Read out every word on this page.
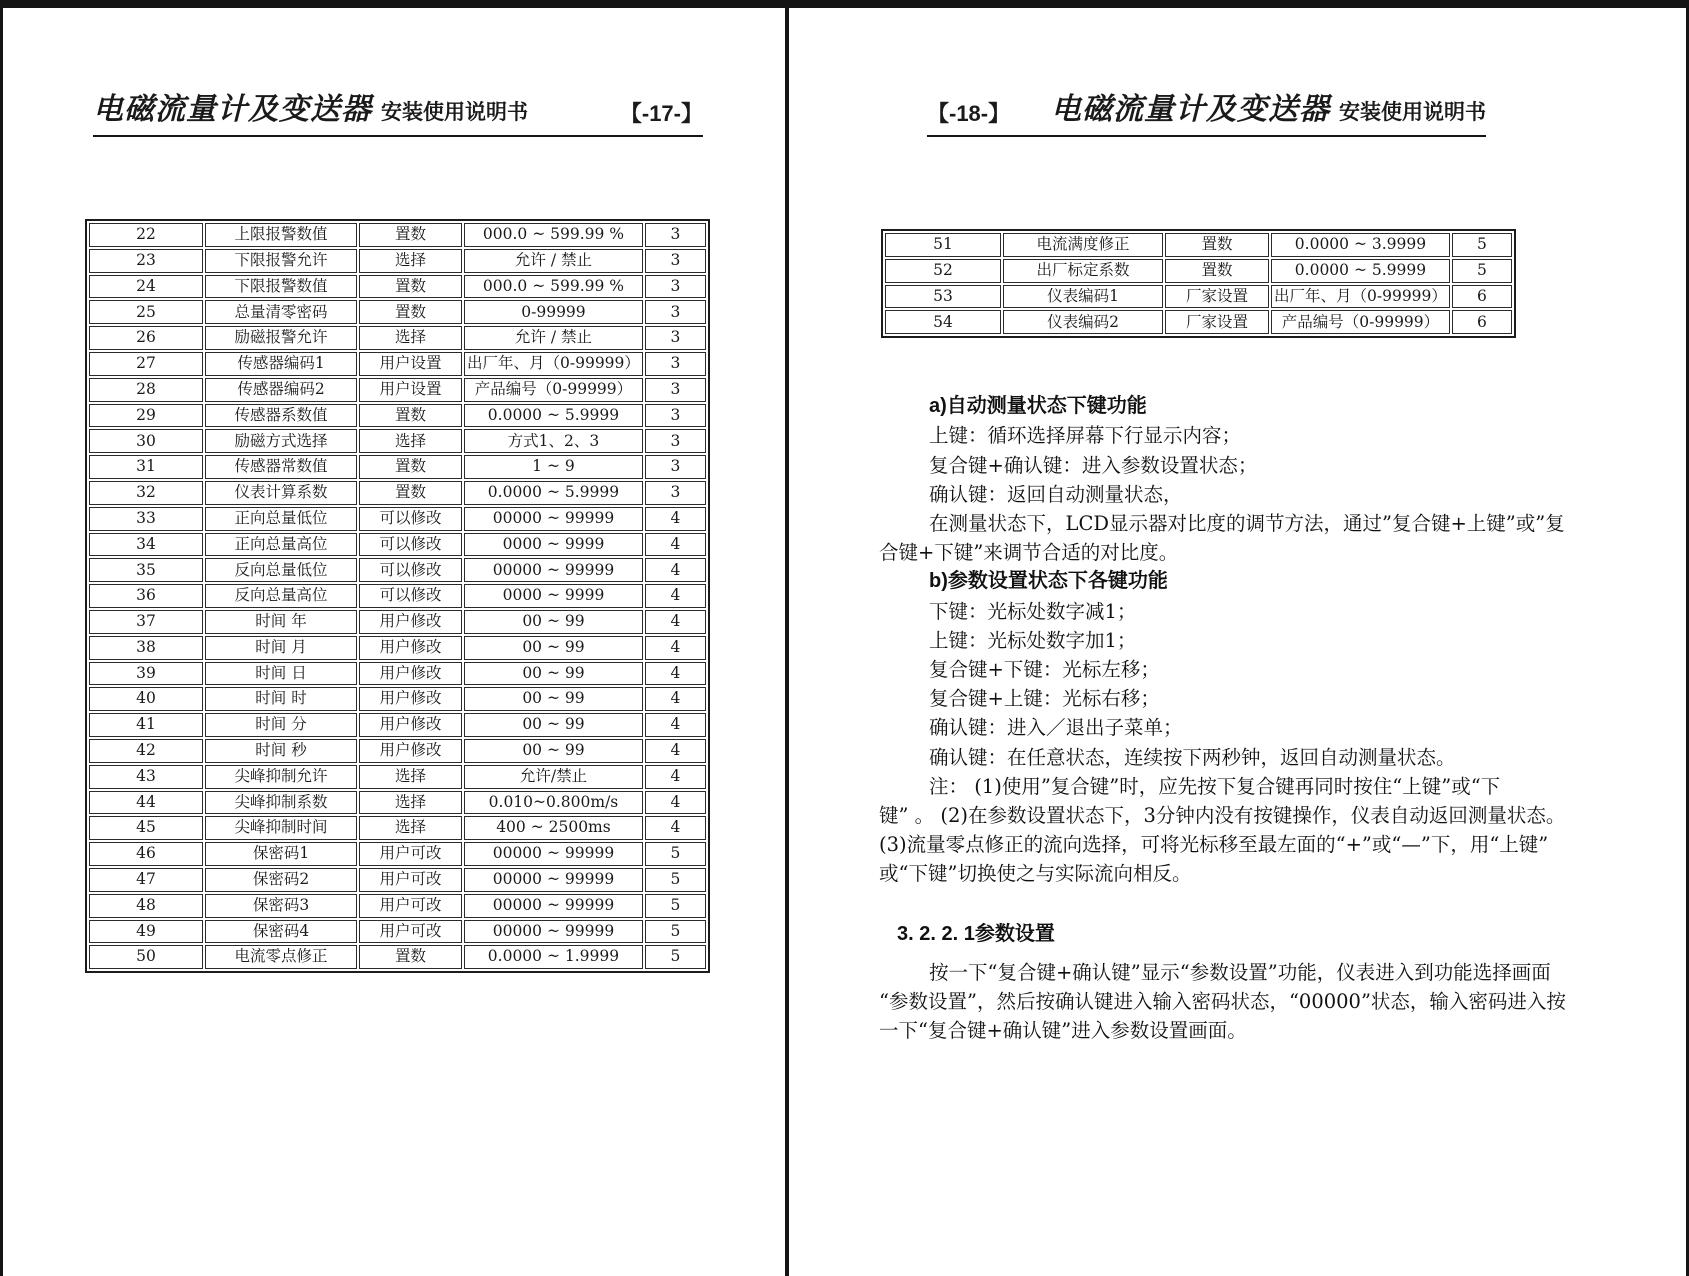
电磁流量计及变送器 安装使用说明书	【-17-】
22	上限报警数值	置数	000.0 ~ 599.99 %	3
23	下限报警允许	选择	允许 / 禁止	3
24	下限报警数值	置数	000.0 ~ 599.99 %	3
25	总量清零密码	置数	0-99999	3
26	励磁报警允许	选择	允许 / 禁止	3
27	传感器编码1	用户设置	出厂年、月（0-99999）	3
28	传感器编码2	用户设置	产品编号（0-99999）	3
29	传感器系数值	置数	0.0000 ~ 5.9999	3
30	励磁方式选择	选择	方式1、2、3	3
31	传感器常数值	置数	1 ~ 9	3
32	仪表计算系数	置数	0.0000 ~ 5.9999	3
33	正向总量低位	可以修改	00000 ~ 99999	4
34	正向总量高位	可以修改	0000 ~ 9999	4
35	反向总量低位	可以修改	00000 ~ 99999	4
36	反向总量高位	可以修改	0000 ~ 9999	4
37	时间 年	用户修改	00 ~ 99	4
38	时间 月	用户修改	00 ~ 99	4
39	时间 日	用户修改	00 ~ 99	4
40	时间 时	用户修改	00 ~ 99	4
41	时间 分	用户修改	00 ~ 99	4
42	时间 秒	用户修改	00 ~ 99	4
43	尖峰抑制允许	选择	允许/禁止	4
44	尖峰抑制系数	选择	0.010~0.800m/s	4
45	尖峰抑制时间	选择	400 ~ 2500ms	4
46	保密码1	用户可改	00000 ~ 99999	5
47	保密码2	用户可改	00000 ~ 99999	5
48	保密码3	用户可改	00000 ~ 99999	5
49	保密码4	用户可改	00000 ~ 99999	5
50	电流零点修正	置数	0.0000 ~ 1.9999	5
【-18-】 电磁流量计及变送器 安装使用说明书
51	电流满度修正	置数	0.0000 ~ 3.9999	5
52	出厂标定系数	置数	0.0000 ~ 5.9999	5
53	仪表编码1	厂家设置	出厂年、月（0-99999）	6
54	仪表编码2	厂家设置	产品编号（0-99999）	6
a)自动测量状态下键功能
上键：循环选择屏幕下行显示内容；
复合键+确认键：进入参数设置状态；
确认键：返回自动测量状态，
在测量状态下，LCD显示器对比度的调节方法，通过”复合键+上键”或”复
合键+下键”来调节合适的对比度。
b)参数设置状态下各键功能
下键：光标处数字减1；
上键：光标处数字加1；
复合键+下键：光标左移；
复合键+上键：光标右移；
确认键：进入／退出子菜单；
确认键：在任意状态，连续按下两秒钟，返回自动测量状态。
注： (1)使用”复合键”时，应先按下复合键再同时按住“上键”或“下
键” 。 (2)在参数设置状态下，3分钟内没有按键操作，仪表自动返回测量状态。
(3)流量零点修正的流向选择，可将光标移至最左面的“+”或“—”下，用“上键”
或“下键”切换使之与实际流向相反。
3. 2. 2. 1参数设置
按一下“复合键+确认键”显示“参数设置”功能，仪表进入到功能选择画面
“参数设置”，然后按确认键进入输入密码状态，“00000”状态，输入密码进入按
一下“复合键+确认键”进入参数设置画面。
